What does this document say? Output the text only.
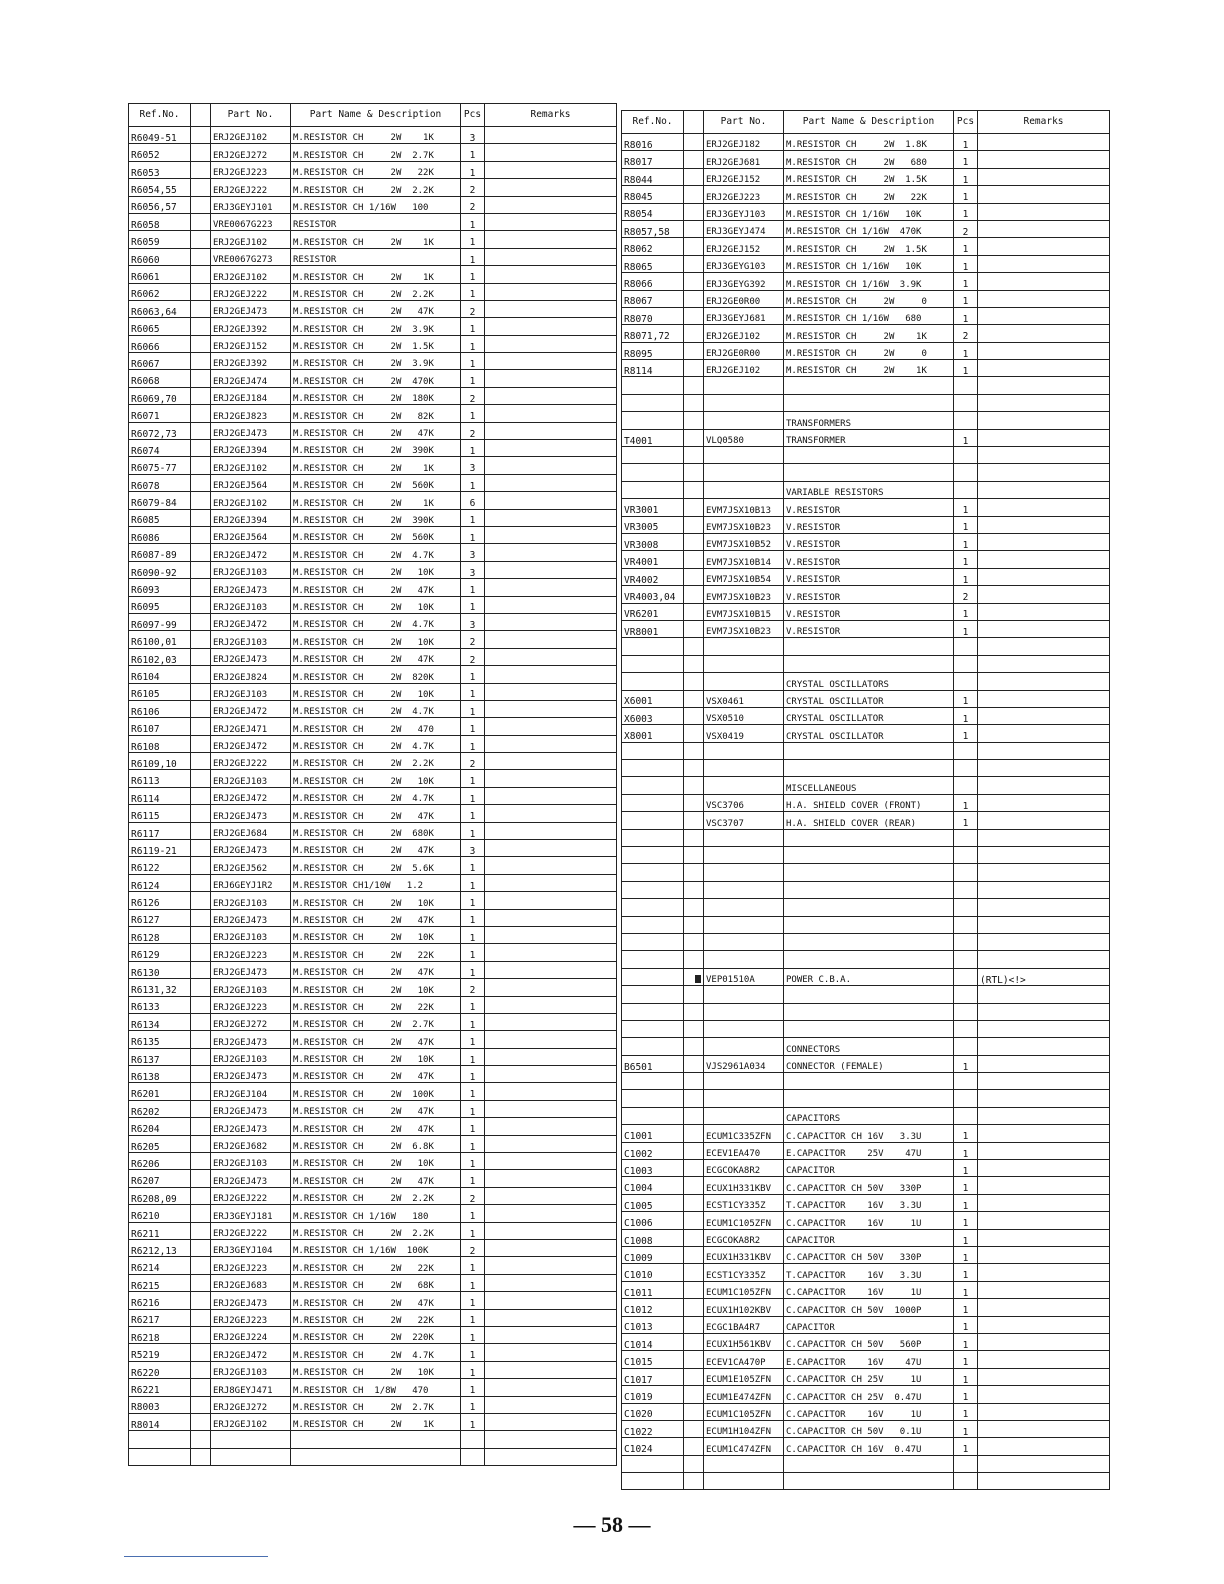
Ref.No.		Part No.	Part Name & Description	Pcs	Remarks
R6049-51		ERJ2GEJ102	M.RESISTOR CH     2W    1K	3	
R6052		ERJ2GEJ272	M.RESISTOR CH     2W  2.7K	1	
R6053		ERJ2GEJ223	M.RESISTOR CH     2W   22K	1	
R6054,55		ERJ2GEJ222	M.RESISTOR CH     2W  2.2K	2	
R6056,57		ERJ3GEYJ101	M.RESISTOR CH 1/16W   100	2	
R6058		VRE0067G223	RESISTOR	1	
R6059		ERJ2GEJ102	M.RESISTOR CH     2W    1K	1	
R6060		VRE0067G273	RESISTOR	1	
R6061		ERJ2GEJ102	M.RESISTOR CH     2W    1K	1	
R6062		ERJ2GEJ222	M.RESISTOR CH     2W  2.2K	1	
R6063,64		ERJ2GEJ473	M.RESISTOR CH     2W   47K	2	
R6065		ERJ2GEJ392	M.RESISTOR CH     2W  3.9K	1	
R6066		ERJ2GEJ152	M.RESISTOR CH     2W  1.5K	1	
R6067		ERJ2GEJ392	M.RESISTOR CH     2W  3.9K	1	
R6068		ERJ2GEJ474	M.RESISTOR CH     2W  470K	1	
R6069,70		ERJ2GEJ184	M.RESISTOR CH     2W  180K	2	
R6071		ERJ2GEJ823	M.RESISTOR CH     2W   82K	1	
R6072,73		ERJ2GEJ473	M.RESISTOR CH     2W   47K	2	
R6074		ERJ2GEJ394	M.RESISTOR CH     2W  390K	1	
R6075-77		ERJ2GEJ102	M.RESISTOR CH     2W    1K	3	
R6078		ERJ2GEJ564	M.RESISTOR CH     2W  560K	1	
R6079-84		ERJ2GEJ102	M.RESISTOR CH     2W    1K	6	
R6085		ERJ2GEJ394	M.RESISTOR CH     2W  390K	1	
R6086		ERJ2GEJ564	M.RESISTOR CH     2W  560K	1	
R6087-89		ERJ2GEJ472	M.RESISTOR CH     2W  4.7K	3	
R6090-92		ERJ2GEJ103	M.RESISTOR CH     2W   10K	3	
R6093		ERJ2GEJ473	M.RESISTOR CH     2W   47K	1	
R6095		ERJ2GEJ103	M.RESISTOR CH     2W   10K	1	
R6097-99		ERJ2GEJ472	M.RESISTOR CH     2W  4.7K	3	
R6100,01		ERJ2GEJ103	M.RESISTOR CH     2W   10K	2	
R6102,03		ERJ2GEJ473	M.RESISTOR CH     2W   47K	2	
R6104		ERJ2GEJ824	M.RESISTOR CH     2W  820K	1	
R6105		ERJ2GEJ103	M.RESISTOR CH     2W   10K	1	
R6106		ERJ2GEJ472	M.RESISTOR CH     2W  4.7K	1	
R6107		ERJ2GEJ471	M.RESISTOR CH     2W   470	1	
R6108		ERJ2GEJ472	M.RESISTOR CH     2W  4.7K	1	
R6109,10		ERJ2GEJ222	M.RESISTOR CH     2W  2.2K	2	
R6113		ERJ2GEJ103	M.RESISTOR CH     2W   10K	1	
R6114		ERJ2GEJ472	M.RESISTOR CH     2W  4.7K	1	
R6115		ERJ2GEJ473	M.RESISTOR CH     2W   47K	1	
R6117		ERJ2GEJ684	M.RESISTOR CH     2W  680K	1	
R6119-21		ERJ2GEJ473	M.RESISTOR CH     2W   47K	3	
R6122		ERJ2GEJ562	M.RESISTOR CH     2W  5.6K	1	
R6124		ERJ6GEYJ1R2	M.RESISTOR CH1/10W   1.2	1	
R6126		ERJ2GEJ103	M.RESISTOR CH     2W   10K	1	
R6127		ERJ2GEJ473	M.RESISTOR CH     2W   47K	1	
R6128		ERJ2GEJ103	M.RESISTOR CH     2W   10K	1	
R6129		ERJ2GEJ223	M.RESISTOR CH     2W   22K	1	
R6130		ERJ2GEJ473	M.RESISTOR CH     2W   47K	1	
R6131,32		ERJ2GEJ103	M.RESISTOR CH     2W   10K	2	
R6133		ERJ2GEJ223	M.RESISTOR CH     2W   22K	1	
R6134		ERJ2GEJ272	M.RESISTOR CH     2W  2.7K	1	
R6135		ERJ2GEJ473	M.RESISTOR CH     2W   47K	1	
R6137		ERJ2GEJ103	M.RESISTOR CH     2W   10K	1	
R6138		ERJ2GEJ473	M.RESISTOR CH     2W   47K	1	
R6201		ERJ2GEJ104	M.RESISTOR CH     2W  100K	1	
R6202		ERJ2GEJ473	M.RESISTOR CH     2W   47K	1	
R6204		ERJ2GEJ473	M.RESISTOR CH     2W   47K	1	
R6205		ERJ2GEJ682	M.RESISTOR CH     2W  6.8K	1	
R6206		ERJ2GEJ103	M.RESISTOR CH     2W   10K	1	
R6207		ERJ2GEJ473	M.RESISTOR CH     2W   47K	1	
R6208,09		ERJ2GEJ222	M.RESISTOR CH     2W  2.2K	2	
R6210		ERJ3GEYJ181	M.RESISTOR CH 1/16W   180	1	
R6211		ERJ2GEJ222	M.RESISTOR CH     2W  2.2K	1	
R6212,13		ERJ3GEYJ104	M.RESISTOR CH 1/16W  100K	2	
R6214		ERJ2GEJ223	M.RESISTOR CH     2W   22K	1	
R6215		ERJ2GEJ683	M.RESISTOR CH     2W   68K	1	
R6216		ERJ2GEJ473	M.RESISTOR CH     2W   47K	1	
R6217		ERJ2GEJ223	M.RESISTOR CH     2W   22K	1	
R6218		ERJ2GEJ224	M.RESISTOR CH     2W  220K	1	
R5219		ERJ2GEJ472	M.RESISTOR CH     2W  4.7K	1	
R6220		ERJ2GEJ103	M.RESISTOR CH     2W   10K	1	
R6221		ERJ8GEYJ471	M.RESISTOR CH  1/8W   470	1	
R8003		ERJ2GEJ272	M.RESISTOR CH     2W  2.7K	1	
R8014		ERJ2GEJ102	M.RESISTOR CH     2W    1K	1	

Ref.No.		Part No.	Part Name & Description	Pcs	Remarks
R8016		ERJ2GEJ182	M.RESISTOR CH     2W  1.8K	1	
R8017		ERJ2GEJ681	M.RESISTOR CH     2W   680	1	
R8044		ERJ2GEJ152	M.RESISTOR CH     2W  1.5K	1	
R8045		ERJ2GEJ223	M.RESISTOR CH     2W   22K	1	
R8054		ERJ3GEYJ103	M.RESISTOR CH 1/16W   10K	1	
R8057,58		ERJ3GEYJ474	M.RESISTOR CH 1/16W  470K	2	
R8062		ERJ2GEJ152	M.RESISTOR CH     2W  1.5K	1	
R8065		ERJ3GEYG103	M.RESISTOR CH 1/16W   10K	1	
R8066		ERJ3GEYG392	M.RESISTOR CH 1/16W  3.9K	1	
R8067		ERJ2GE0R00	M.RESISTOR CH     2W     0	1	
R8070		ERJ3GEYJ681	M.RESISTOR CH 1/16W   680	1	
R8071,72		ERJ2GEJ102	M.RESISTOR CH     2W    1K	2	
R8095		ERJ2GE0R00	M.RESISTOR CH     2W     0	1	
R8114		ERJ2GEJ102	M.RESISTOR CH     2W    1K	1	

			TRANSFORMERS		
T4001		VLQ0580	TRANSFORMER	1	

			VARIABLE RESISTORS		
VR3001		EVM7JSX10B13	V.RESISTOR	1	
VR3005		EVM7JSX10B23	V.RESISTOR	1	
VR3008		EVM7JSX10B52	V.RESISTOR	1	
VR4001		EVM7JSX10B14	V.RESISTOR	1	
VR4002		EVM7JSX10B54	V.RESISTOR	1	
VR4003,04		EVM7JSX10B23	V.RESISTOR	2	
VR6201		EVM7JSX10B15	V.RESISTOR	1	
VR8001		EVM7JSX10B23	V.RESISTOR	1	

			CRYSTAL OSCILLATORS		
X6001		VSX0461	CRYSTAL OSCILLATOR	1	
X6003		VSX0510	CRYSTAL OSCILLATOR	1	
X8001		VSX0419	CRYSTAL OSCILLATOR	1	

			MISCELLANEOUS		
		VSC3706	H.A. SHIELD COVER (FRONT)	1	
		VSC3707	H.A. SHIELD COVER (REAR)	1	

		VEP01510A	POWER C.B.A.		(RTL)<!>

			CONNECTORS		
B6501		VJS2961A034	CONNECTOR (FEMALE)	1	

			CAPACITORS		
C1001		ECUM1C335ZFN	C.CAPACITOR CH 16V   3.3U	1	
C1002		ECEV1EA470	E.CAPACITOR    25V    47U	1	
C1003		ECGCOKA8R2	CAPACITOR	1	
C1004		ECUX1H331KBV	C.CAPACITOR CH 50V   330P	1	
C1005		ECST1CY335Z	T.CAPACITOR    16V   3.3U	1	
C1006		ECUM1C105ZFN	C.CAPACITOR    16V     1U	1	
C1008		ECGCOKA8R2	CAPACITOR	1	
C1009		ECUX1H331KBV	C.CAPACITOR CH 50V   330P	1	
C1010		ECST1CY335Z	T.CAPACITOR    16V   3.3U	1	
C1011		ECUM1C105ZFN	C.CAPACITOR    16V     1U	1	
C1012		ECUX1H102KBV	C.CAPACITOR CH 50V  1000P	1	
C1013		ECGC1BA4R7	CAPACITOR	1	
C1014		ECUX1H561KBV	C.CAPACITOR CH 50V   560P	1	
C1015		ECEV1CA470P	E.CAPACITOR    16V    47U	1	
C1017		ECUM1E105ZFN	C.CAPACITOR CH 25V     1U	1	
C1019		ECUM1E474ZFN	C.CAPACITOR CH 25V  0.47U	1	
C1020		ECUM1C105ZFN	C.CAPACITOR    16V     1U	1	
C1022		ECUM1H104ZFN	C.CAPACITOR CH 50V   0.1U	1	
C1024		ECUM1C474ZFN	C.CAPACITOR CH 16V  0.47U	1	

— 58 —
